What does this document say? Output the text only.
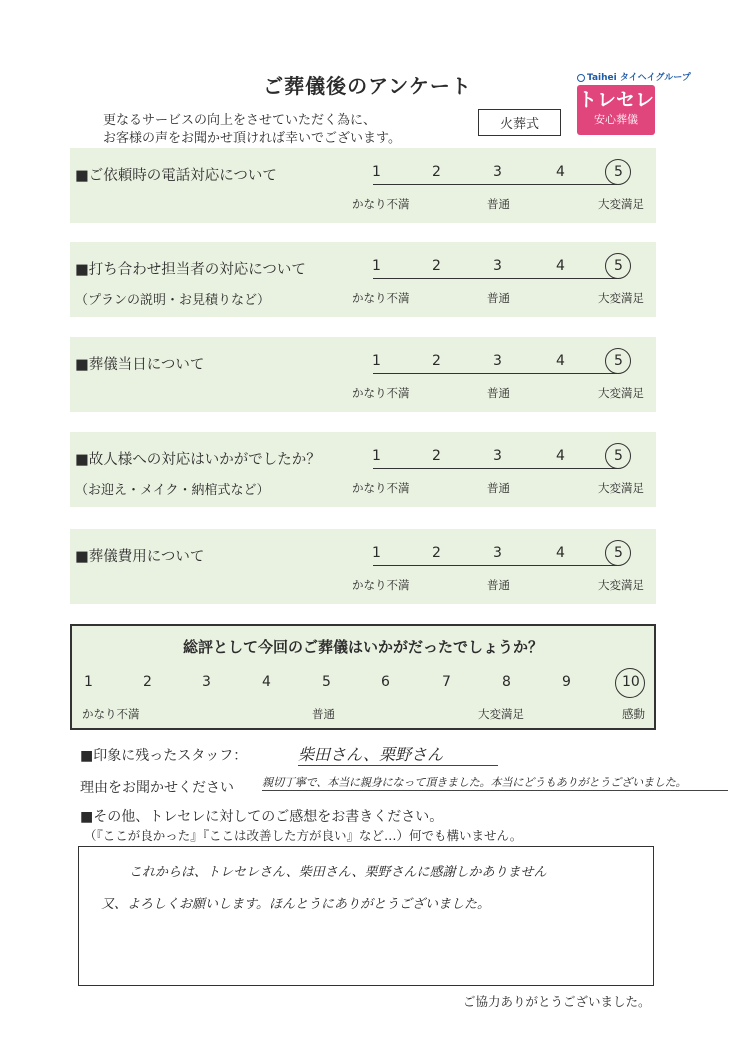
ご葬儀後のアンケート
更なるサービスの向上をさせていただく為に、
お客様の声をお聞かせ頂ければ幸いでございます。
火葬式
Taihei タイヘイグループ
トレセレ
安心葬儀
■ご依頼時の電話対応について	1	2	3	4	5
かなり不満	普通	大変満足
■打ち合わせ担当者の対応について
（プランの説明・お見積りなど）
1	2	3	4	5
かなり不満	普通	大変満足
■葬儀当日について	1	2	3	4	5
かなり不満	普通	大変満足
■故人様への対応はいかがでしたか？
（お迎え・メイク・納棺式など）
1	2	3	4	5
かなり不満	普通	大変満足
■葬儀費用について	1	2	3	4	5
かなり不満	普通	大変満足
総評として今回のご葬儀はいかがだったでしょうか？
1	2	3	4	5	6	7	8	9	10
かなり不満	普通	大変満足	感動
■印象に残ったスタッフ：	柴田さん、栗野さん
理由をお聞かせください	親切丁寧で、本当に親身になって頂きました。本当にどうもありがとうございました。
■その他、トレセレに対してのご感想をお書きください。
（『ここが良かった』『ここは改善した方が良い』など…）何でも構いません。
これからは、トレセレさん、柴田さん、栗野さんに感謝しかありません
又、よろしくお願いします。ほんとうにありがとうございました。
ご協力ありがとうございました。
